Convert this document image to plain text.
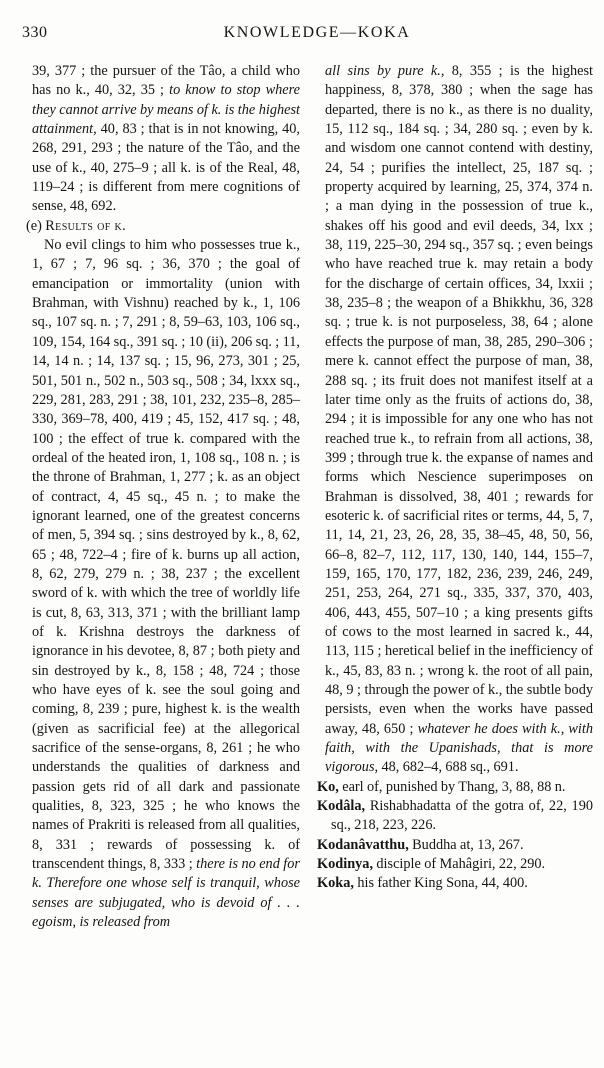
330	KNOWLEDGE—KOKA

39, 377 ; the pursuer of the Tâo, a child who has no k., 40, 32, 35 ; to know to stop where they cannot arrive by means of k. is the highest attainment, 40, 83 ; that is in not knowing, 40, 268, 291, 293 ; the nature of the Tâo, and the use of k., 40, 275–9 ; all k. is of the Real, 48, 119–24 ; is different from mere cognitions of sense, 48, 692.

(e) Results of k.

No evil clings to him who possesses true k., 1, 67 ; 7, 96 sq. ; 36, 370 ; the goal of emancipation or immortality (union with Brahman, with Vishnu) reached by k., 1, 106 sq., 107 sq. n. ; 7, 291 ; 8, 59–63, 103, 106 sq., 109, 154, 164 sq., 391 sq. ; 10 (ii), 206 sq. ; 11, 14, 14 n. ; 14, 137 sq. ; 15, 96, 273, 301 ; 25, 501, 501 n., 502 n., 503 sq., 508 ; 34, lxxx sq., 229, 281, 283, 291 ; 38, 101, 232, 235–8, 285–330, 369–78, 400, 419 ; 45, 152, 417 sq. ; 48, 100 ; the effect of true k. compared with the ordeal of the heated iron, 1, 108 sq., 108 n. ; is the throne of Brahman, 1, 277 ; k. as an object of contract, 4, 45 sq., 45 n. ; to make the ignorant learned, one of the greatest concerns of men, 5, 394 sq. ; sins destroyed by k., 8, 62, 65 ; 48, 722–4 ; fire of k. burns up all action, 8, 62, 279, 279 n. ; 38, 237 ; the excellent sword of k. with which the tree of worldly life is cut, 8, 63, 313, 371 ; with the brilliant lamp of k. Krishna destroys the darkness of ignorance in his devotee, 8, 87 ; both piety and sin destroyed by k., 8, 158 ; 48, 724 ; those who have eyes of k. see the soul going and coming, 8, 239 ; pure, highest k. is the wealth (given as sacrificial fee) at the allegorical sacrifice of the sense-organs, 8, 261 ; he who understands the qualities of darkness and passion gets rid of all dark and passionate qualities, 8, 323, 325 ; he who knows the names of Prakriti is released from all qualities, 8, 331 ; rewards of possessing k. of transcendent things, 8, 333 ; there is no end for k. Therefore one whose self is tranquil, whose senses are subjugated, who is devoid of . . . egoism, is released from

all sins by pure k., 8, 355 ; is the highest happiness, 8, 378, 380 ; when the sage has departed, there is no k., as there is no duality, 15, 112 sq., 184 sq. ; 34, 280 sq. ; even by k. and wisdom one cannot contend with destiny, 24, 54 ; purifies the intellect, 25, 187 sq. ; property acquired by learning, 25, 374, 374 n. ; a man dying in the possession of true k., shakes off his good and evil deeds, 34, lxx ; 38, 119, 225–30, 294 sq., 357 sq. ; even beings who have reached true k. may retain a body for the discharge of certain offices, 34, lxxii ; 38, 235–8 ; the weapon of a Bhikkhu, 36, 328 sq. ; true k. is not purposeless, 38, 64 ; alone effects the purpose of man, 38, 285, 290–306 ; mere k. cannot effect the purpose of man, 38, 288 sq. ; its fruit does not manifest itself at a later time only as the fruits of actions do, 38, 294 ; it is impossible for any one who has not reached true k., to refrain from all actions, 38, 399 ; through true k. the expanse of names and forms which Nescience superimposes on Brahman is dissolved, 38, 401 ; rewards for esoteric k. of sacrificial rites or terms, 44, 5, 7, 11, 14, 21, 23, 26, 28, 35, 38–45, 48, 50, 56, 66–8, 82–7, 112, 117, 130, 140, 144, 155–7, 159, 165, 170, 177, 182, 236, 239, 246, 249, 251, 253, 264, 271 sq., 335, 337, 370, 403, 406, 443, 455, 507–10 ; a king presents gifts of cows to the most learned in sacred k., 44, 113, 115 ; heretical belief in the inefficiency of k., 45, 83, 83 n. ; wrong k. the root of all pain, 48, 9 ; through the power of k., the subtle body persists, even when the works have passed away, 48, 650 ; whatever he does with k., with faith, with the Upanishads, that is more vigorous, 48, 682–4, 688 sq., 691.

Ko, earl of, punished by Thang, 3, 88, 88 n.

Kodâla, Rishabhadatta of the gotra of, 22, 190 sq., 218, 223, 226.

Kodanâvatthu, Buddha at, 13, 267.

Kodinya, disciple of Mahâgiri, 22, 290.

Koka, his father King Sona, 44, 400.
